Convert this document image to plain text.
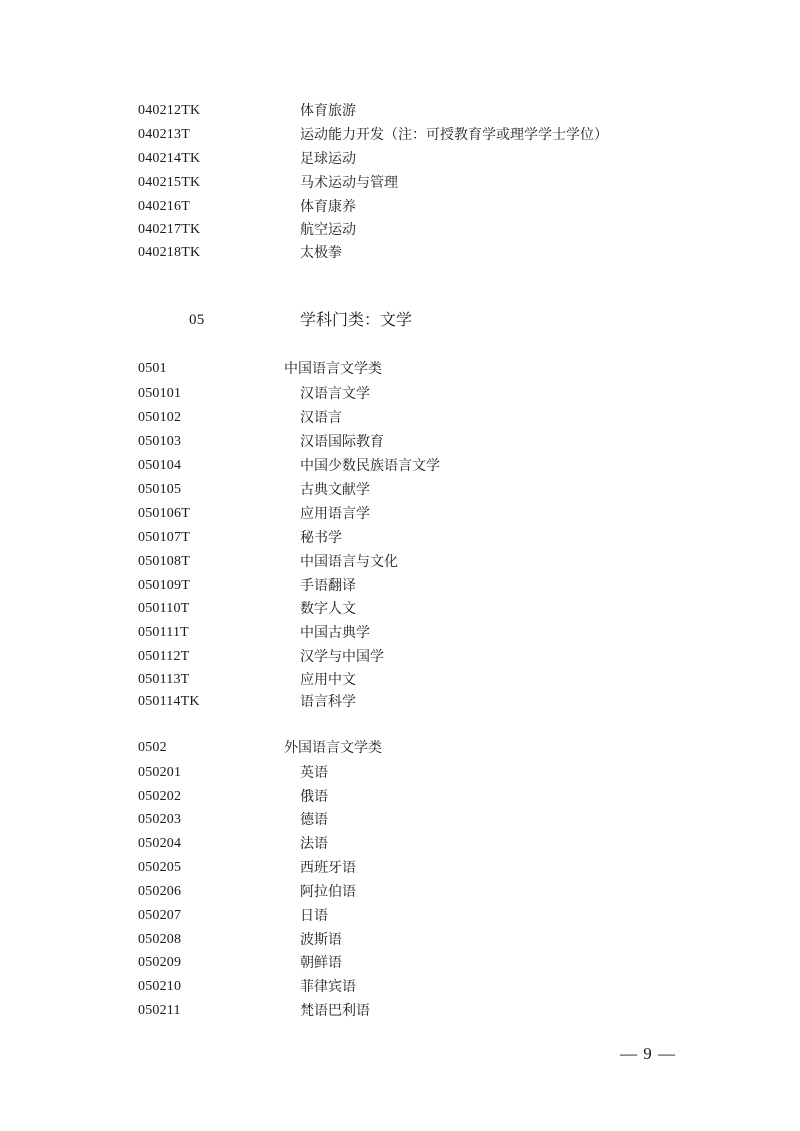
040212TK	体育旅游
040213T	运动能力开发（注：可授教育学或理学学士学位）
040214TK	足球运动
040215TK	马术运动与管理
040216T	体育康养
040217TK	航空运动
040218TK	太极拳
05	学科门类：文学
0501	中国语言文学类
050101	汉语言文学
050102	汉语言
050103	汉语国际教育
050104	中国少数民族语言文学
050105	古典文献学
050106T	应用语言学
050107T	秘书学
050108T	中国语言与文化
050109T	手语翻译
050110T	数字人文
050111T	中国古典学
050112T	汉学与中国学
050113T	应用中文
050114TK	语言科学
0502	外国语言文学类
050201	英语
050202	俄语
050203	德语
050204	法语
050205	西班牙语
050206	阿拉伯语
050207	日语
050208	波斯语
050209	朝鲜语
050210	菲律宾语
050211	梵语巴利语
— 9 —
